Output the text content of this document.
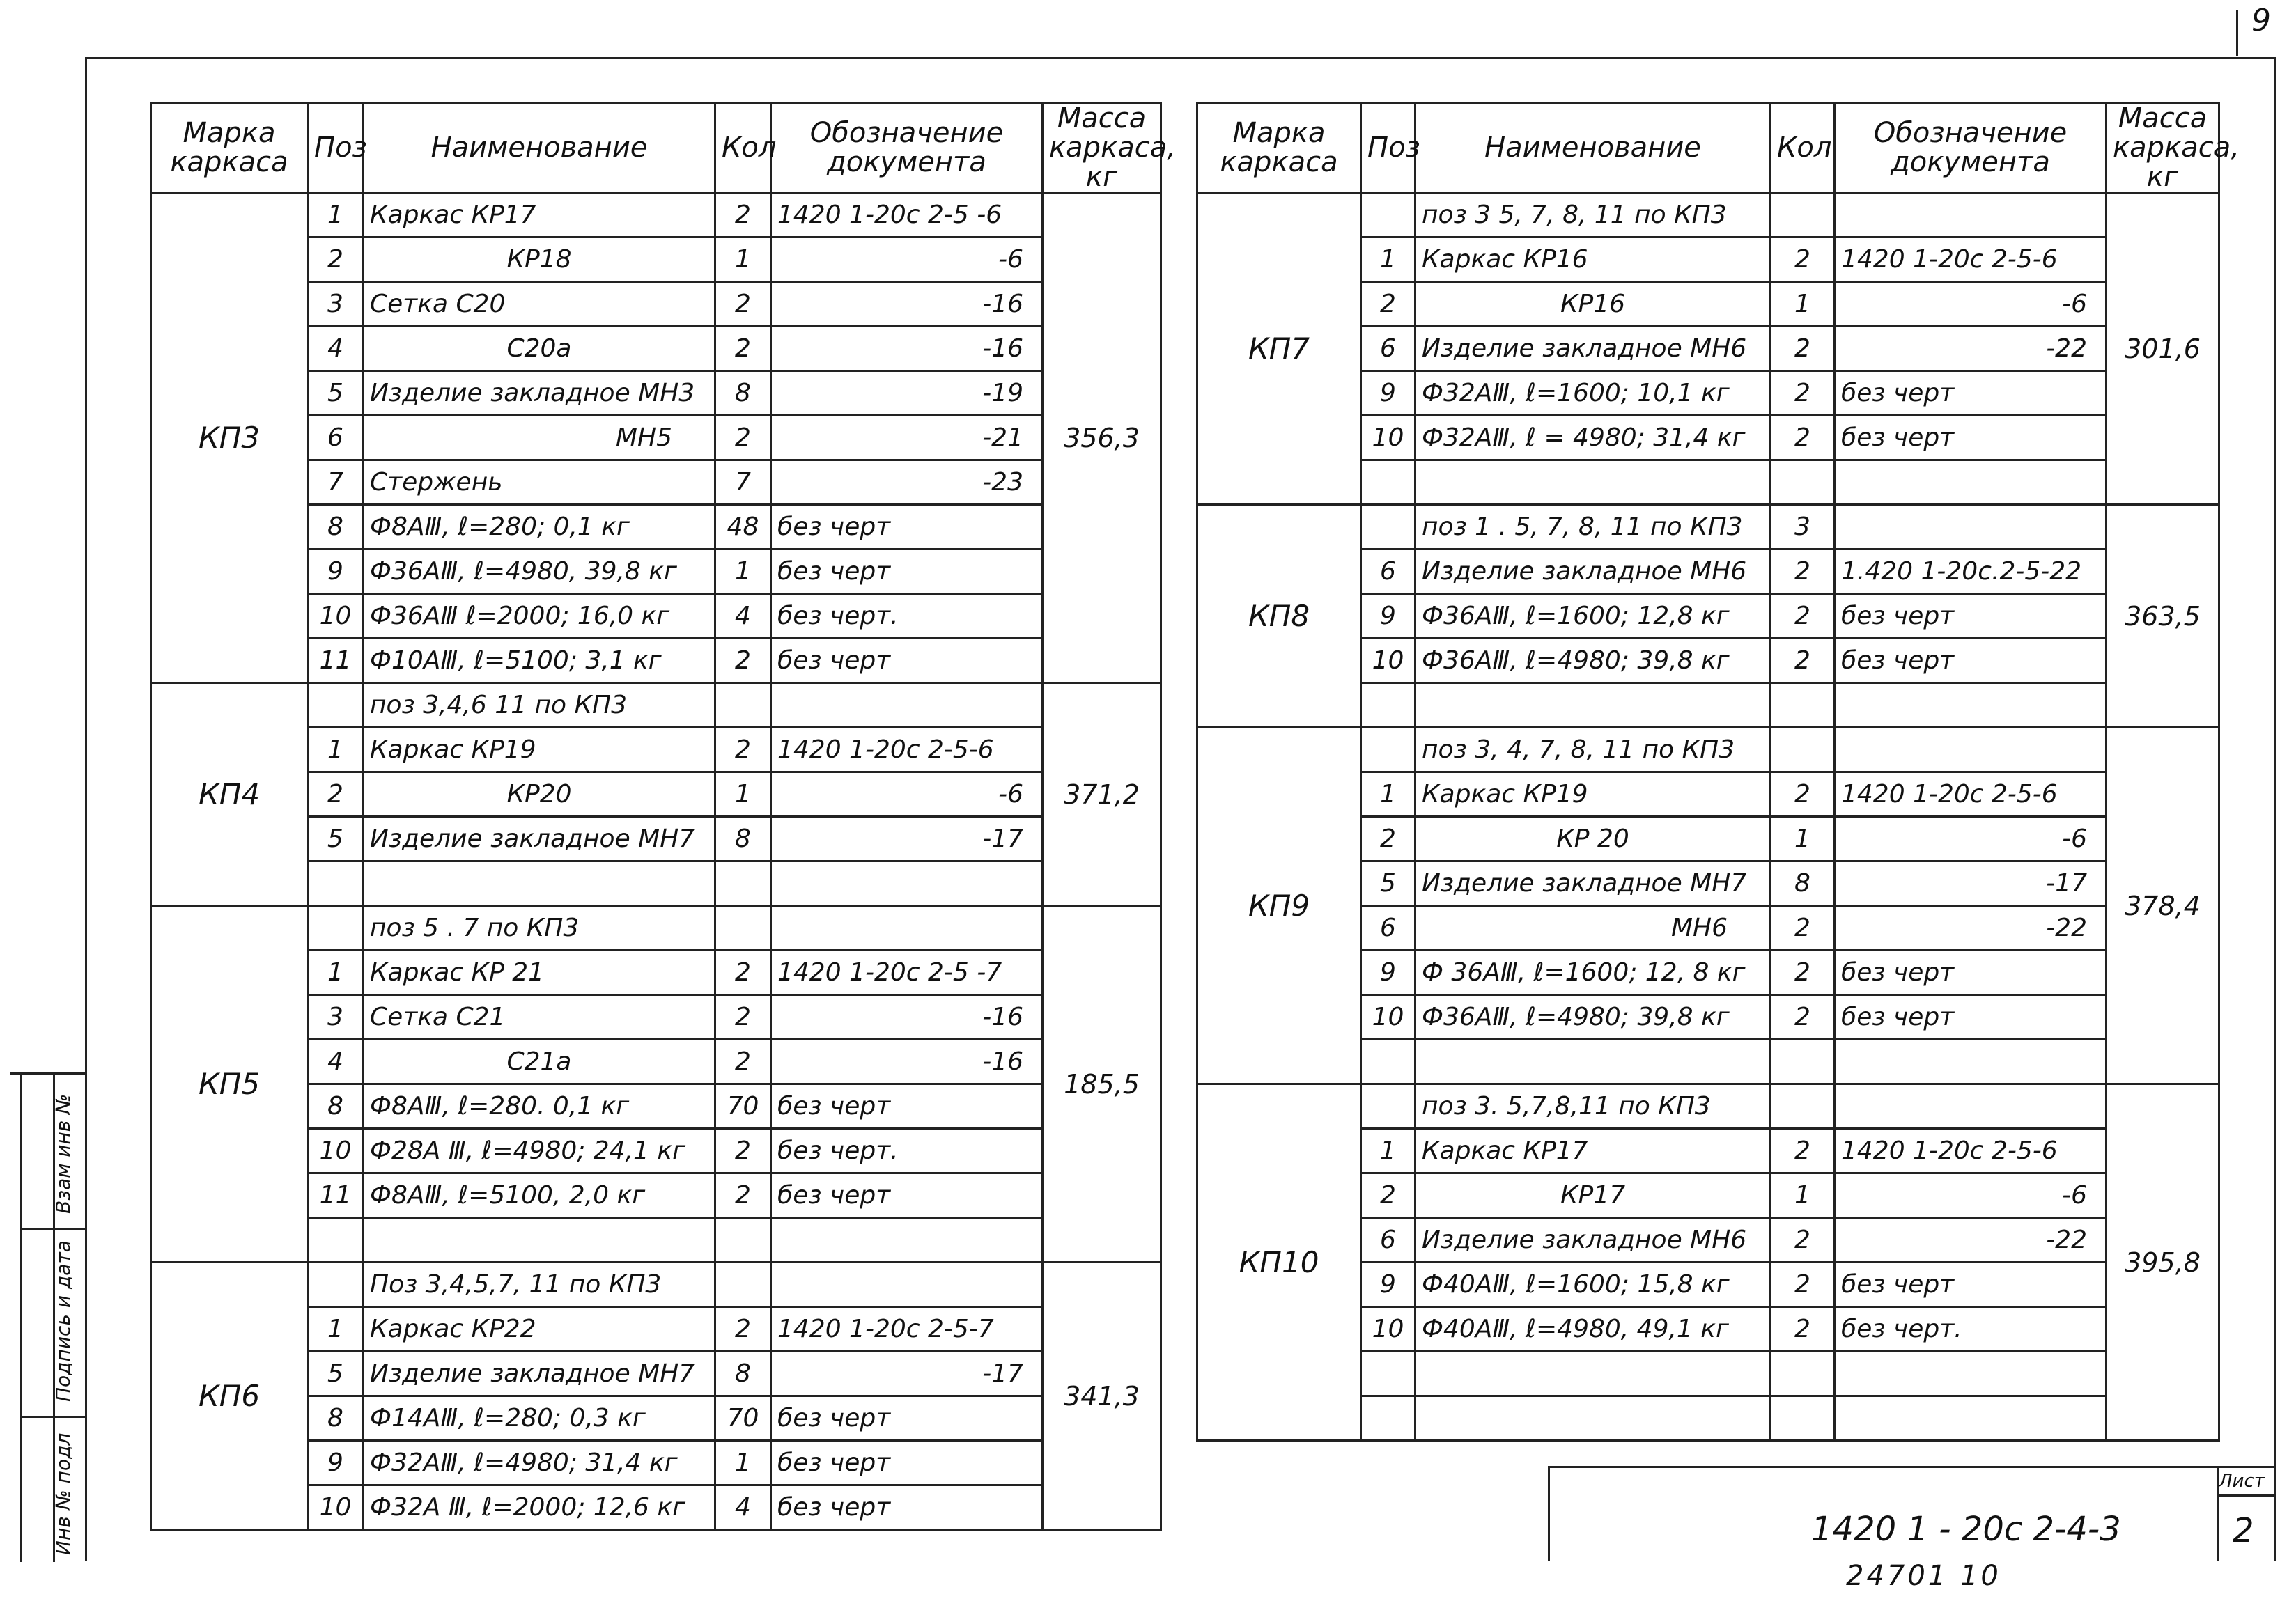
9
Марка каркаса	Поз	Наименование	Кол	Обозначение документа	Масса каркаса, кг
КП3	1	Каркас КР17	2	1420 1-20с 2-5 -6	356,3
	2	КР18	1	-6	
	3	Сетка С20	2	-16	
	4	С20а	2	-16	
	5	Изделие закладное МН3	8	-19	
	6	МН5	2	-21	
	7	Стержень	7	-23	
	8	Ф8АⅢ, ℓ=280; 0,1 кг	48	без черт	
	9	Ф36АⅢ, ℓ=4980, 39,8 кг	1	без черт	
	10	Ф36АⅢ ℓ=2000; 16,0 кг	4	без черт.	
	11	Ф10АⅢ, ℓ=5100; 3,1 кг	2	без черт	
КП4		поз 3,4,6 11 по КП3			371,2
	1	Каркас КР19	2	1420 1-20с 2-5-6	
	2	КР20	1	-6	
	5	Изделие закладное МН7	8	-17	

КП5		поз 5 . 7 по КП3			185,5
	1	Каркас КР 21	2	1420 1-20с 2-5 -7	
	3	Сетка С21	2	-16	
	4	С21а	2	-16	
	8	Ф8АⅢ, ℓ=280. 0,1 кг	70	без черт	
	10	Ф28А Ⅲ, ℓ=4980; 24,1 кг	2	без черт.	
	11	Ф8АⅢ, ℓ=5100, 2,0 кг	2	без черт	

КП6		Поз 3,4,5,7, 11 по КП3			341,3
	1	Каркас КР22	2	1420 1-20с 2-5-7	
	5	Изделие закладное МН7	8	-17	
	8	Ф14АⅢ, ℓ=280; 0,3 кг	70	без черт	
	9	Ф32АⅢ, ℓ=4980; 31,4 кг	1	без черт	
	10	Ф32А Ⅲ, ℓ=2000; 12,6 кг	4	без черт	
Марка каркаса	Поз	Наименование	Кол	Обозначение документа	Масса каркаса, кг
КП7		поз 3 5, 7, 8, 11 по КП3			301,6
	1	Каркас КР16	2	1420 1-20с 2-5-6	
	2	КР16	1	-6	
	6	Изделие закладное МН6	2	-22	
	9	Ф32АⅢ, ℓ=1600; 10,1 кг	2	без черт	
	10	Ф32АⅢ, ℓ = 4980; 31,4 кг	2	без черт	

КП8		поз 1 . 5, 7, 8, 11 по КП3	3		363,5
	6	Изделие закладное МН6	2	1.420 1-20с.2-5-22	
	9	Ф36АⅢ, ℓ=1600; 12,8 кг	2	без черт	
	10	Ф36АⅢ, ℓ=4980; 39,8 кг	2	без черт	

КП9		поз 3, 4, 7, 8, 11 по КП3			378,4
	1	Каркас КР19	2	1420 1-20с 2-5-6	
	2	КР 20	1	-6	
	5	Изделие закладное МН7	8	-17	
	6	МН6	2	-22	
	9	Ф 36АⅢ, ℓ=1600; 12, 8 кг	2	без черт	
	10	Ф36АⅢ, ℓ=4980; 39,8 кг	2	без черт	

КП10		поз 3. 5,7,8,11 по КП3			395,8
	1	Каркас КР17	2	1420 1-20с 2-5-6	
	2	КР17	1	-6	
	6	Изделие закладное МН6	2	-22	
	9	Ф40АⅢ, ℓ=1600; 15,8 кг	2	без черт	
	10	Ф40АⅢ, ℓ=4980, 49,1 кг	2	без черт.	

1420 1 - 20с 2-4-3
Лист
2
24701 10
Взам инв №
Подпись и дата
Инв № подл
